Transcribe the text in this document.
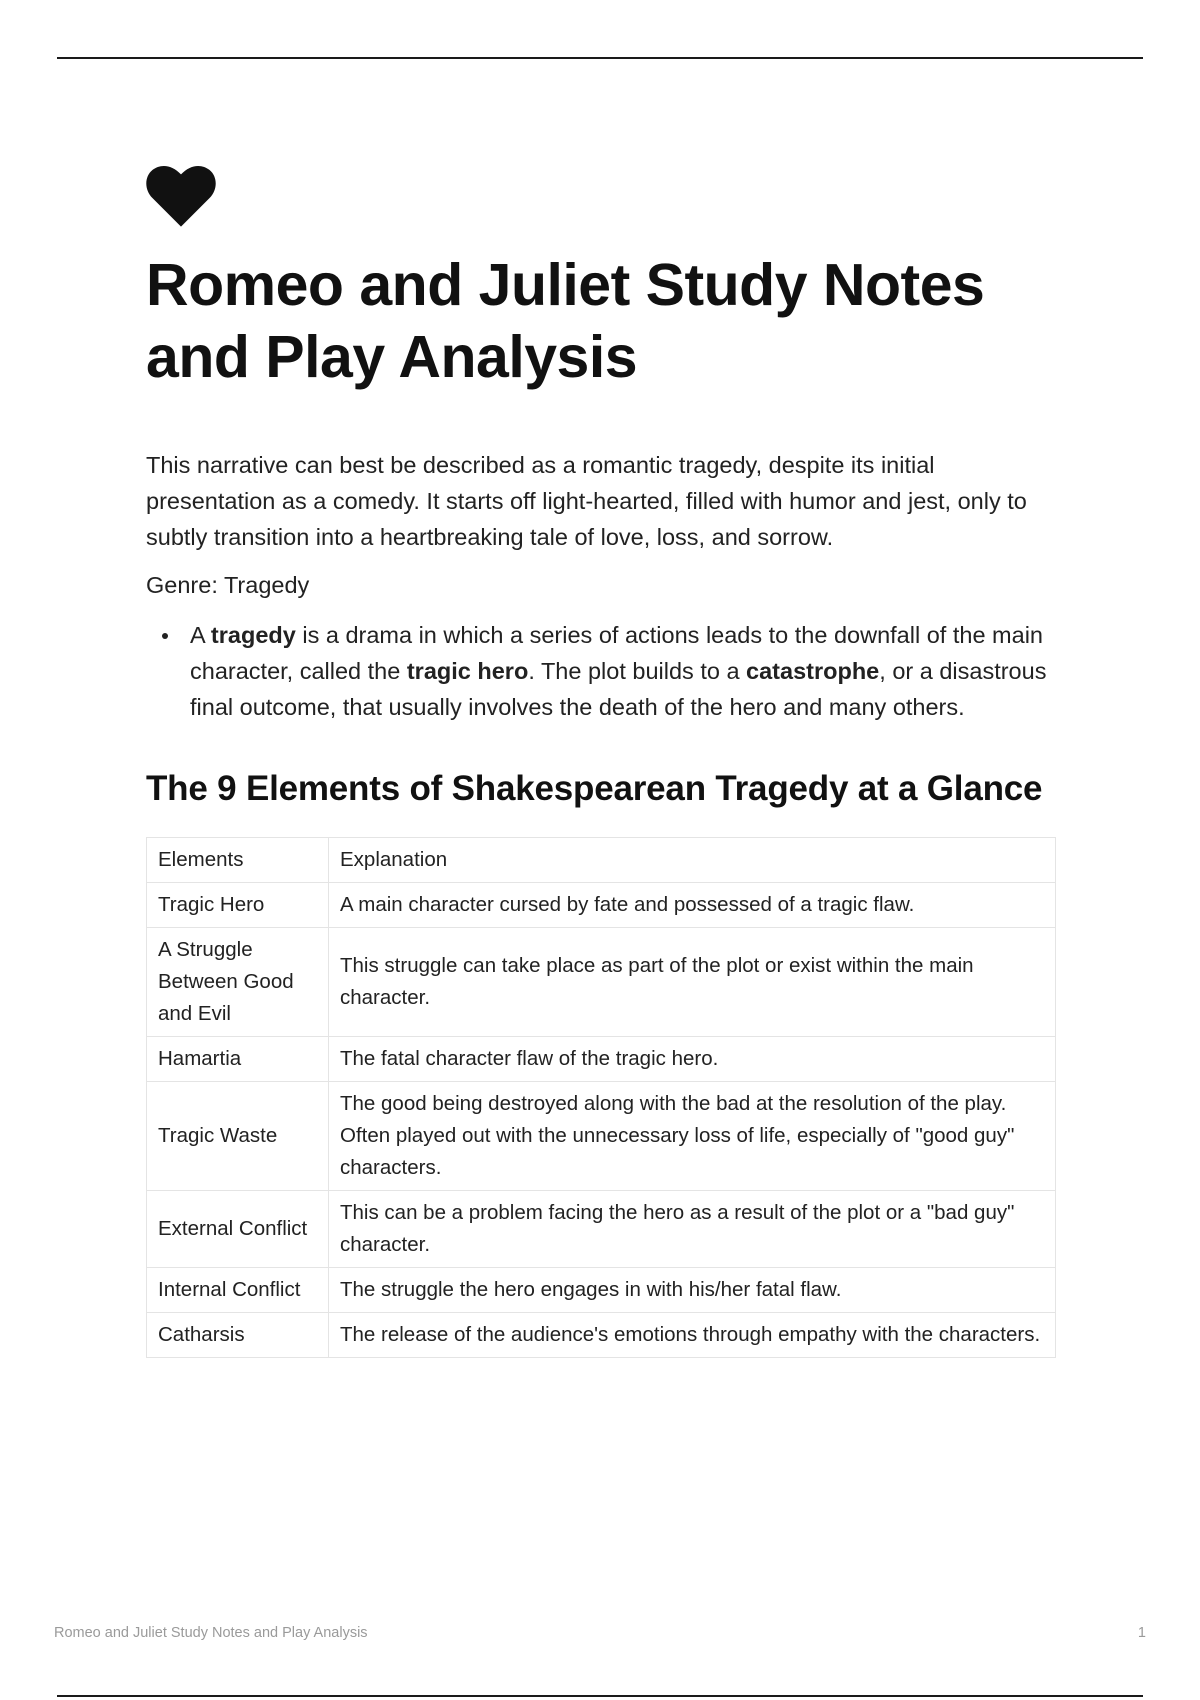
Romeo and Juliet Study Notes
and Play Analysis

This narrative can best be described as a romantic tragedy, despite its initial presentation as a comedy. It starts off light-hearted, filled with humor and jest, only to subtly transition into a heartbreaking tale of love, loss, and sorrow.

Genre: Tragedy

A tragedy is a drama in which a series of actions leads to the downfall of the main character, called the tragic hero. The plot builds to a catastrophe, or a disastrous final outcome, that usually involves the death of the hero and many others.
The 9 Elements of Shakespearean Tragedy at a Glance
Elements	Explanation
Tragic Hero	A main character cursed by fate and possessed of a tragic flaw.
A Struggle Between Good and Evil	This struggle can take place as part of the plot or exist within the main character.
Hamartia	The fatal character flaw of the tragic hero.
Tragic Waste	The good being destroyed along with the bad at the resolution of the play. Often played out with the unnecessary loss of life, especially of "good guy" characters.
External Conflict	This can be a problem facing the hero as a result of the plot or a "bad guy" character.
Internal Conflict	The struggle the hero engages in with his/her fatal flaw.
Catharsis	The release of the audience's emotions through empathy with the characters.
Romeo and Juliet Study Notes and Play Analysis	1
